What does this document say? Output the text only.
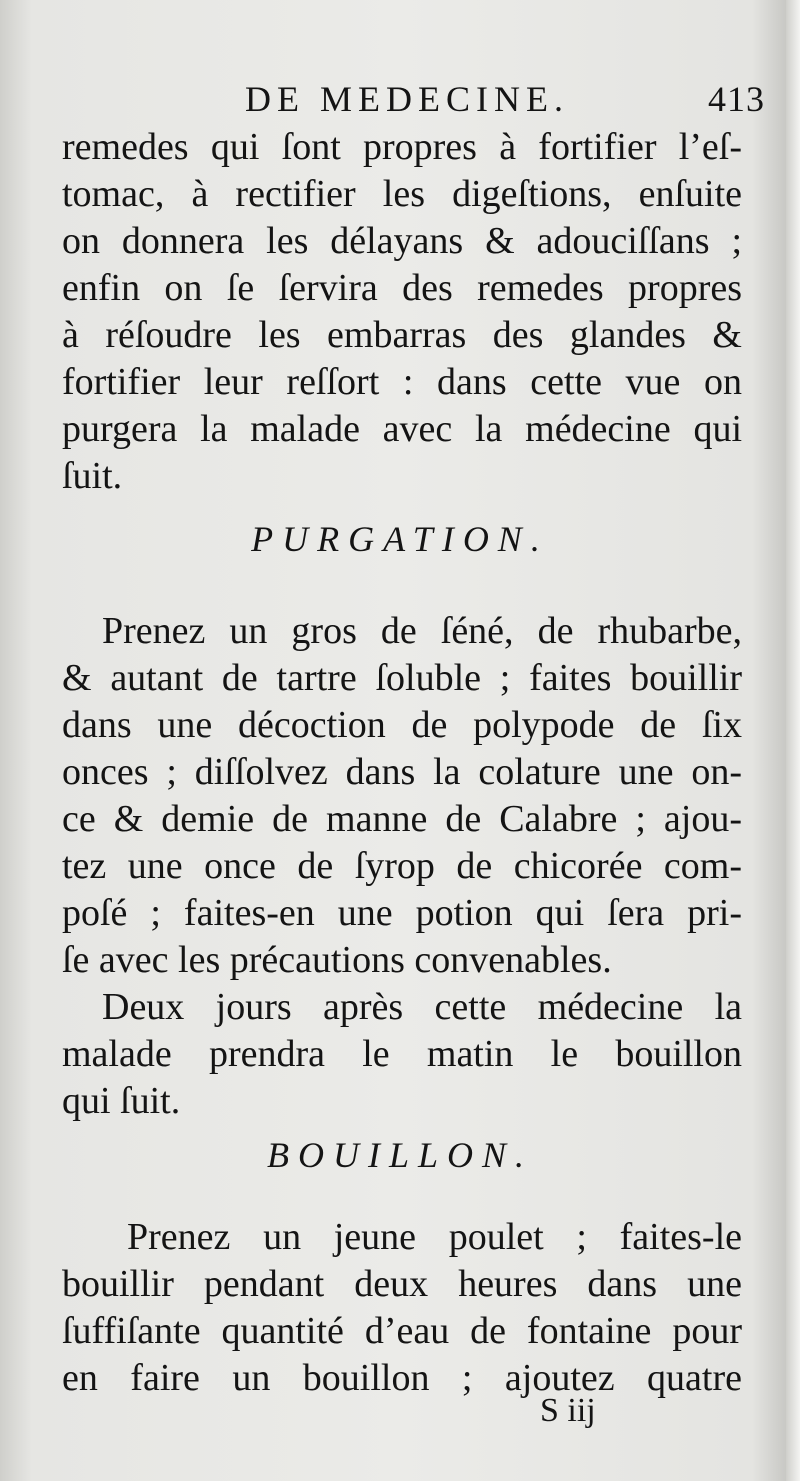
DE MEDECINE.	413
remedes qui ſont propres à fortifier l’eſ-
tomac, à rectifier les digeſtions, enſuite
on donnera les délayans & adouciſſans ;
enfin on ſe ſervira des remedes propres
à réſoudre les embarras des glandes &
fortifier leur reſſort : dans cette vue on
purgera la malade avec la médecine qui
ſuit.
PURGATION.
Prenez un gros de ſéné, de rhubarbe,
& autant de tartre ſoluble ; faites bouillir
dans une décoction de polypode de ſix
onces ; diſſolvez dans la colature une on-
ce & demie de manne de Calabre ; ajou-
tez une once de ſyrop de chicorée com-
poſé ; faites-en une potion qui ſera pri-
ſe avec les précautions convenables.
Deux jours après cette médecine la
malade prendra le matin le bouillon
qui ſuit.
BOUILLON.
Prenez un jeune poulet ; faites-le
bouillir pendant deux heures dans une
ſuffiſante quantité d’eau de fontaine pour
en faire un bouillon ; ajoutez quatre
S iij
